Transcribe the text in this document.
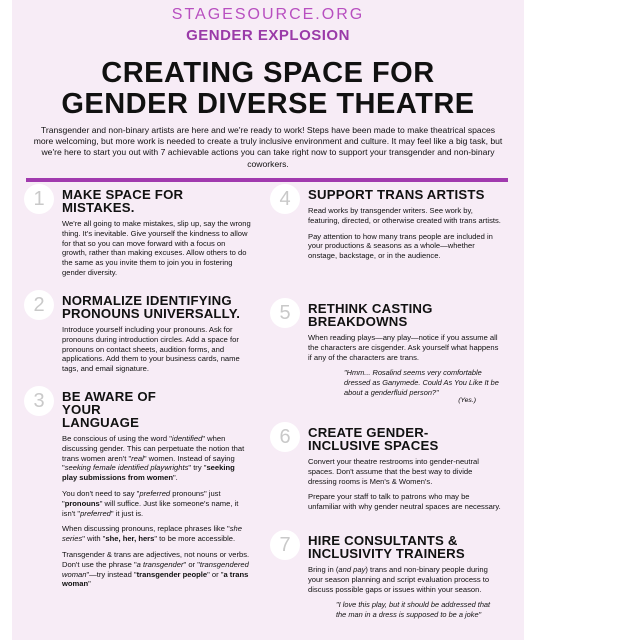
STAGESOURCE.ORG
GENDER EXPLOSION
CREATING SPACE FOR
GENDER DIVERSE THEATRE
Transgender and non-binary artists are here and we're ready to work! Steps have been made to make theatrical spaces more welcoming, but more work is needed to create a truly inclusive environment and culture. It may feel like a big task, but we're here to start you out with 7 achievable actions you can take right now to support your transgender and non-binary coworkers.
1	MAKE SPACE FOR MISTAKES.
We're all going to make mistakes, slip up, say the wrong thing. It's inevitable. Give yourself the kindness to allow for that so you can move forward with a focus on growth, rather than making excuses. Allow others to do the same as you invite them to join you in fostering gender diversity.
2	NORMALIZE IDENTIFYING PRONOUNS UNIVERSALLY.
Introduce yourself including your pronouns. Ask for pronouns during introduction circles. Add a space for pronouns on contact sheets, audition forms, and applications. Add them to your business cards, name tags, and email signature.
3	BE AWARE OF YOUR LANGUAGE
Be conscious of using the word "identified" when discussing gender. This can perpetuate the notion that trans women aren't "real" women. Instead of saying "seeking female identified playwrights" try "seeking play submissions from women".
You don't need to say "preferred pronouns" just "pronouns" will suffice. Just like someone's name, it isn't "preferred" it just is.
When discussing pronouns, replace phrases like "she series" with "she, her, hers" to be more accessible.
Transgender & trans are adjectives, not nouns or verbs. Don't use the phrase "a transgender" or "transgendered woman"—try instead "transgender people" or "a trans woman"
4	SUPPORT TRANS ARTISTS
Read works by transgender writers. See work by, featuring, directed, or otherwise created with trans artists.
Pay attention to how many trans people are included in your productions & seasons as a whole—whether onstage, backstage, or in the audience.
5	RETHINK CASTING BREAKDOWNS
When reading plays—any play—notice if you assume all the characters are cisgender. Ask yourself what happens if any of the characters are trans.
"Hmm... Rosalind seems very comfortable dressed as Ganymede. Could As You Like It be about a genderfluid person?"
(Yes.)
6	CREATE GENDER-INCLUSIVE SPACES
Convert your theatre restrooms into gender-neutral spaces. Don't assume that the best way to divide dressing rooms is Men's & Women's.
Prepare your staff to talk to patrons who may be unfamiliar with why gender neutral spaces are necessary.
7	HIRE CONSULTANTS & INCLUSIVITY TRAINERS
Bring in (and pay) trans and non-binary people during your season planning and script evaluation process to discuss possible gaps or issues within your season.
"I love this play, but it should be addressed that the man in a dress is supposed to be a joke"
